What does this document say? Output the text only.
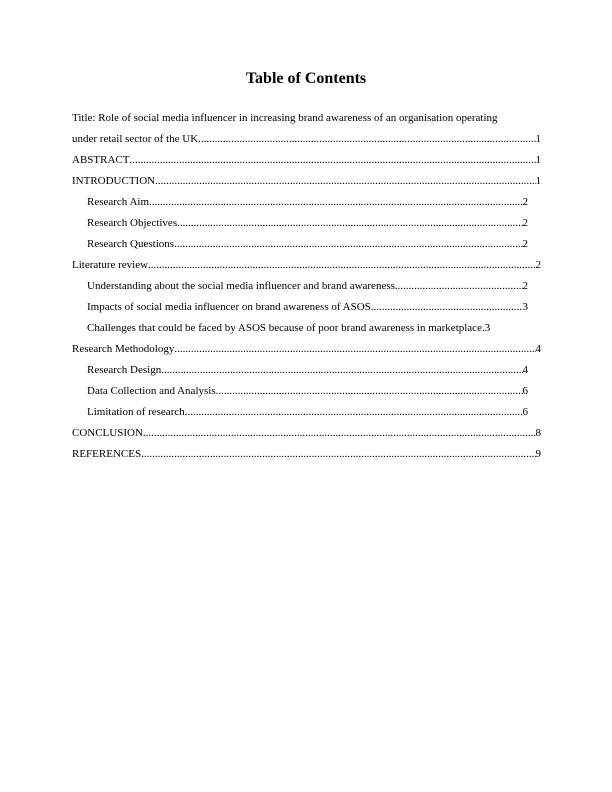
Table of Contents
Title: Role of social media influencer in increasing brand awareness of an organisation operating
under retail sector of the UK .....	1
ABSTRACT .....	1
INTRODUCTION .....	1
Research Aim .....	2
Research Objectives .....	2
Research Questions .....	2
Literature review .....	2
Understanding about the social media influencer and brand awareness .....	2
Impacts of social media influencer on brand awareness of ASOS .....	3
Challenges that could be faced by ASOS because of poor brand awareness in marketplace. 3
Research Methodology .....	4
Research Design .....	4
Data Collection and Analysis .....	6
Limitation of research .....	6
CONCLUSION .....	8
REFERENCES .....	9
